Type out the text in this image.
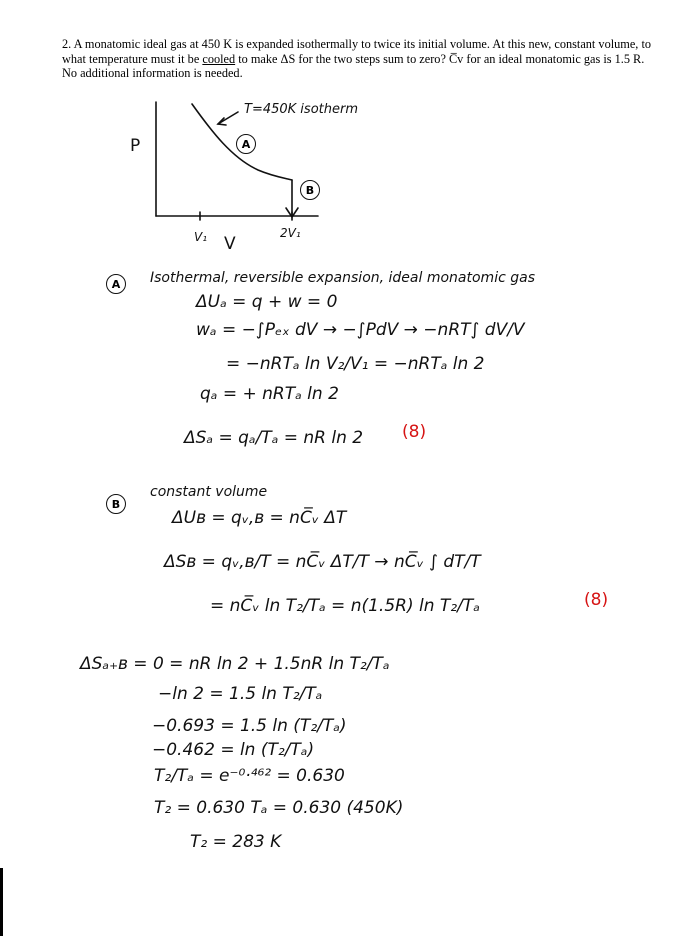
2. A monatomic ideal gas at 450 K is expanded isothermally to twice its initial volume. At this new, constant volume, to what temperature must it be cooled to make ΔS for the two steps sum to zero? C̅v for an ideal monatomic gas is 1.5 R. No additional information is needed.
T=450K isotherm
P	A
B
V₁	2V₁
V
A	Isothermal, reversible expansion, ideal monatomic gas
ΔUₐ = q + w = 0
wₐ = −∫Pₑₓ dV → −∫PdV → −nRT∫ dV/V
= −nRTₐ ln V₂/V₁ = −nRTₐ ln 2
qₐ = + nRTₐ ln 2
ΔSₐ = qₐ/Tₐ = nR ln 2 (8)
B
constant volume
ΔUʙ = qᵥ,ʙ = nC̅ᵥ ΔT
ΔSʙ = qᵥ,ʙ/T = nC̅ᵥ ΔT/T → nC̅ᵥ ∫ dT/T
= nC̅ᵥ ln T₂/Tₐ = n(1.5R) ln T₂/Tₐ	(8)
ΔSₐ₊ʙ = 0 = nR ln 2 + 1.5nR ln T₂/Tₐ
−ln 2 = 1.5 ln T₂/Tₐ
−0.693 = 1.5 ln (T₂/Tₐ)
−0.462 = ln (T₂/Tₐ)
T₂/Tₐ = e⁻⁰·⁴⁶² = 0.630
T₂ = 0.630 Tₐ = 0.630 (450K)
T₂ = 283 K
